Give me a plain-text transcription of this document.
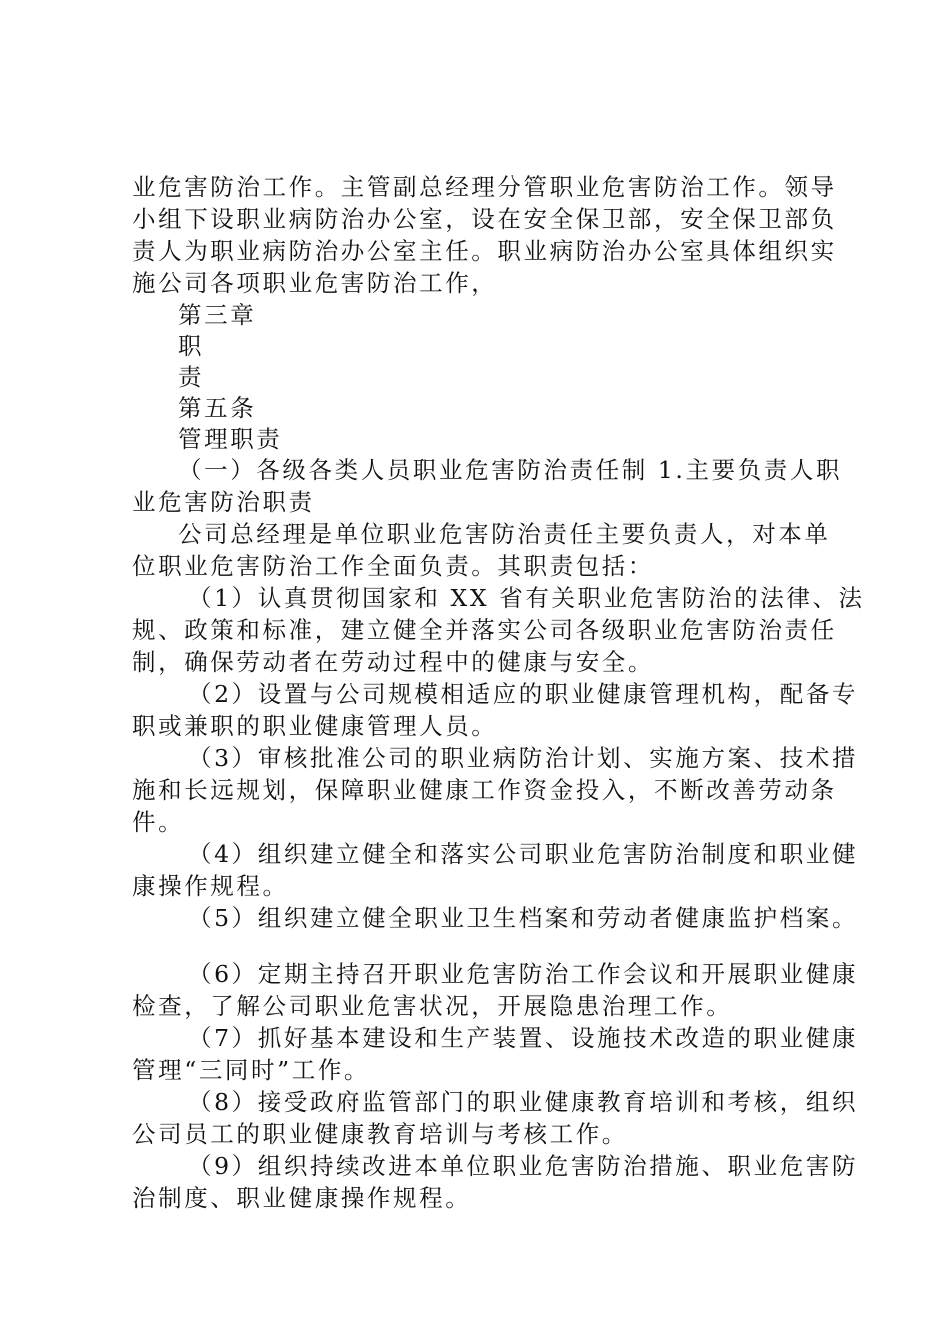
业危害防治工作。主管副总经理分管职业危害防治工作。领导
小组下设职业病防治办公室，设在安全保卫部，安全保卫部负
责人为职业病防治办公室主任。职业病防治办公室具体组织实
施公司各项职业危害防治工作，
第三章
职
责
第五条
管理职责
（一）各级各类人员职业危害防治责任制 1.主要负责人职
业危害防治职责
公司总经理是单位职业危害防治责任主要负责人，对本单
位职业危害防治工作全面负责。其职责包括：
（1）认真贯彻国家和 XX 省有关职业危害防治的法律、法
规、政策和标准，建立健全并落实公司各级职业危害防治责任
制，确保劳动者在劳动过程中的健康与安全。
（2）设置与公司规模相适应的职业健康管理机构，配备专
职或兼职的职业健康管理人员。
（3）审核批准公司的职业病防治计划、实施方案、技术措
施和长远规划，保障职业健康工作资金投入，不断改善劳动条
件。
（4）组织建立健全和落实公司职业危害防治制度和职业健
康操作规程。
（5）组织建立健全职业卫生档案和劳动者健康监护档案。
（6）定期主持召开职业危害防治工作会议和开展职业健康
检查，了解公司职业危害状况，开展隐患治理工作。
（7）抓好基本建设和生产装置、设施技术改造的职业健康
管理“三同时”工作。
（8）接受政府监管部门的职业健康教育培训和考核，组织
公司员工的职业健康教育培训与考核工作。
（9）组织持续改进本单位职业危害防治措施、职业危害防
治制度、职业健康操作规程。
